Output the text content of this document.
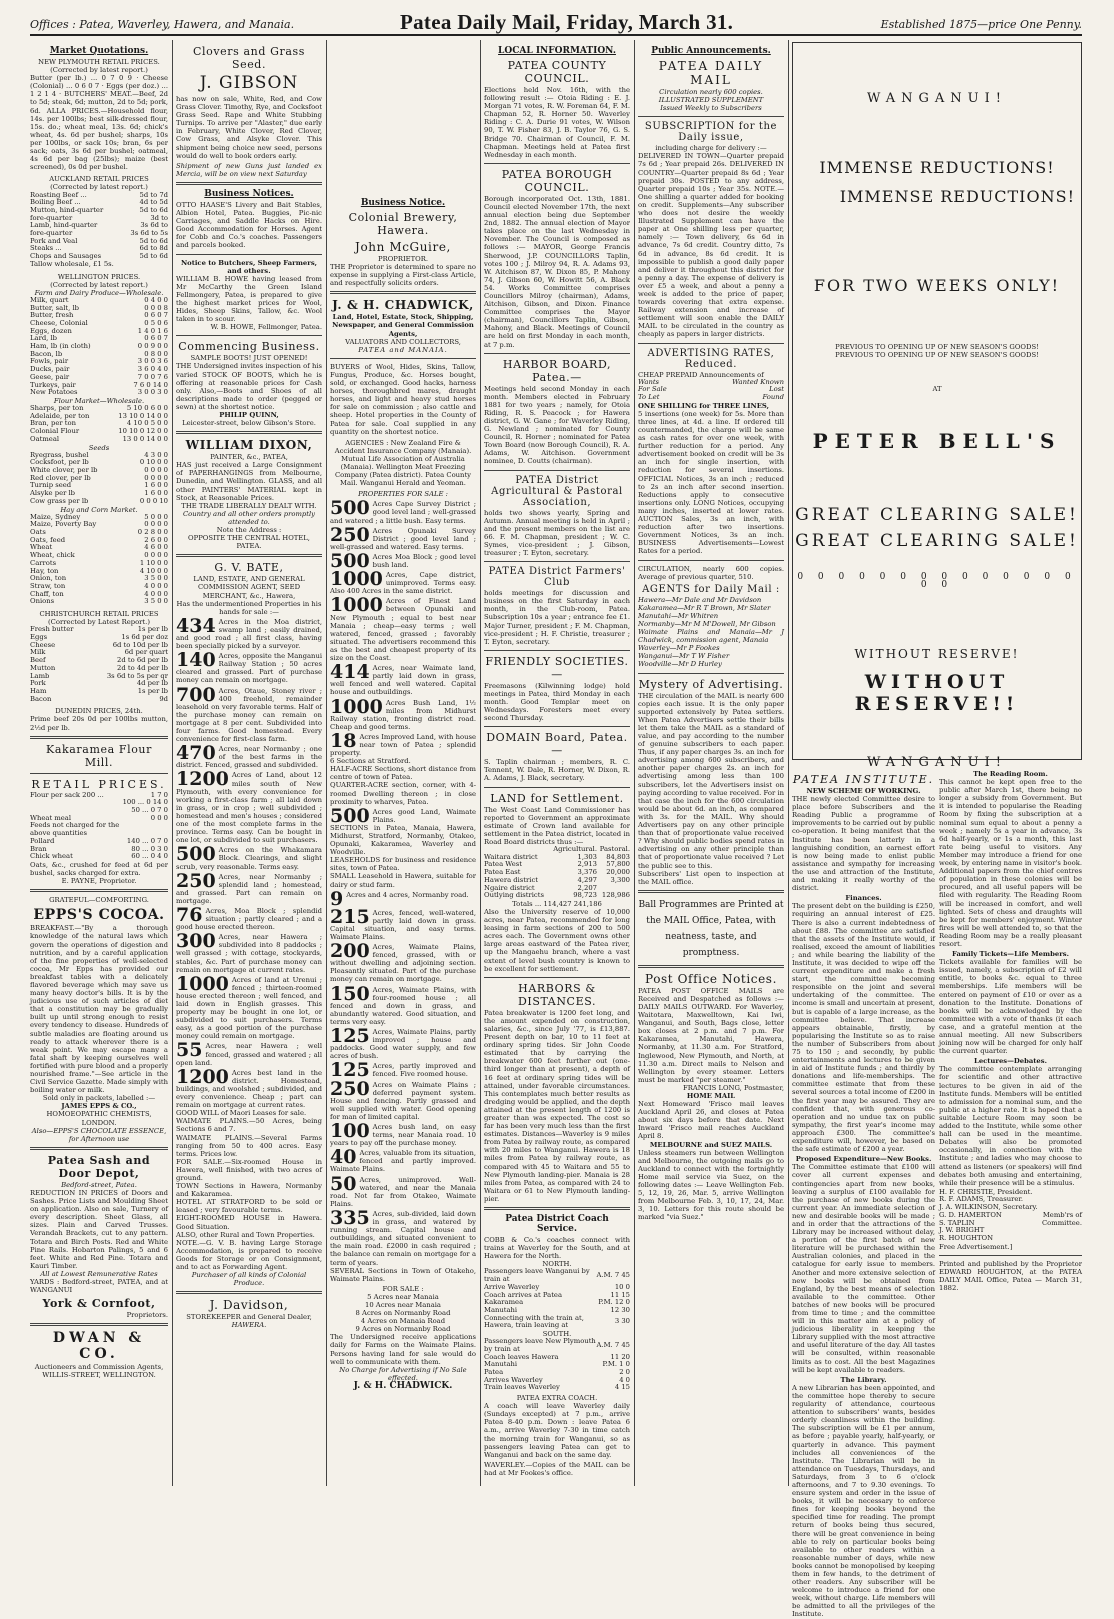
Offices : Patea, Waverley, Hawera, and Manaia.	Patea Daily Mail, Friday, March 31.	Established 1875—price One Penny.
Market Quotations.
NEW PLYMOUTH RETAIL PRICES.
(Corrected by latest report.)
Butter (per lb.) ... 0 7 0 9 · Cheese (Colonial) ... 0 6 0 7 · Eggs (per doz.) ... 1 2 1 4 · BUTCHERS' MEAT.—Beef, 2d to 5d; steak, 6d; mutton, 2d to 5d; pork, 6d. ALLA PRICES.—Household flour, 14s. per 100lbs; best silk-dressed flour, 15s. do.; wheat meal, 13s. 6d; chick's wheat, 4s. 6d per bushel; sharps, 10s per 100lbs, or sack 10s; bran, 6s per sack; oats, 3s 6d per bushel; oatmeal, 4s 6d per bag (25lbs); maize (best screened), 0s 0d per bushel.
AUCKLAND RETAIL PRICES
(Corrected by latest report.)
Roasting Beef ...	5d to 7d
Boiling Beef ...	4d to 5d
Mutton, hind-quarter	5d to 6d
fore-quarter	3d to
Lamb, hind-quarter	3s 6d to
fore-quarter	3s 6d to 5s
Pork and Veal	5d to 6d
Steaks ...	6d to 8d
Chops and Sausages	5d to 6d
Tallow wholesale, £1 5s.	
WELLINGTON PRICES.
(Corrected by latest report.)
Farm and Dairy Produce—Wholesale.
Milk, quart	0 4 0 0
Butter, salt, lb	0 0 0 8
Butter, fresh	0 6 0 7
Cheese, Colonial	0 5 0 6
Eggs, dozen	1 4 0 1 6
Lard, lb	0 6 0 7
Ham, lb (in cloth)	0 0 9 0 0
Bacon, lb	0 8 0 0
Fowls, pair	3 0 0 3 6
Ducks, pair	3 6 0 4 0
Geese, pair	7 0 0 7 6
Turkeys, pair	7 6 0 14 0
New Potatoes	3 0 0 3 0
Flour Market—Wholesale.
Sharps, per ton	5 10 0 6 0 0
Adelaide, per ton	13 10 0 14 0 0
Bran, per ton	4 10 0 5 0 0
Colonial Flour	10 10 0 12 0 0
Oatmeal	13 0 0 14 0 0
Seeds
Ryegrass, bushel	4 3 0 0
Cocksfoot, per lb	0 10 0 0
White clover, per lb	0 0 0 0
Red clover, per lb	0 0 0 0
Turnip seed	1 6 0 0
Alsyke per lb	1 6 0 0
Cow grass per lb	0 0 0 10
Hay and Corn Market.
Maize, Sydney	5 0 0 0
Maize, Poverty Bay	0 0 0 0
Oats	0 2 8 0 0
Oats, feed	2 6 0 0
Wheat	4 6 0 0
Wheat, chick	0 0 0 0
Carrots	1 10 0 0
Hay, ton	4 10 0 0
Onion, ton	3 5 0 0
Straw, ton	4 0 0 0
Chaff, ton	4 0 0 0
Onions	3 5 0 0
CHRISTCHURCH RETAIL PRICES
(Corrected by Latest Report.)
Fresh butter	1s per lb
Eggs	1s 6d per doz
Cheese	6d to 10d per lb
Milk	6d per quart
Beef	2d to 6d per lb
Mutton	2d to 4d per lb
Lamb	3s 6d to 5s per qr
Pork	4d per lb
Ham	1s per lb
Bacon	9d
DUNEDIN PRICES, 24th.
Prime beef 20s 0d per 100lbs mutton, 2½d per lb.
Kakaramea Flour Mill.
RETAIL PRICES.
Flour per sack 200 ...	1 7 0
	100 ... 0 14 0
	50 ... 0 7 0
Wheat meal	0 0 0
Feeds not charged for the above quantities	
Pollard	140 ... 0 7 0
Bran	80 ... 0 3 0
Chick wheat	60 ... 0 4 0
Oats, &c., crushed for feed at 6d per bushel, sacks charged for extra.
E. PAYNE, Proprietor.
GRATEFUL—COMFORTING.
EPPS'S COCOA.
BREAKFAST.—"By a thorough knowledge of the natural laws which govern the operations of digestion and nutrition, and by a careful application of the fine properties of well-selected cocoa, Mr Epps has provided our breakfast tables with a delicately flavored beverage which may save us many heavy doctor's bills. It is by the judicious use of such articles of diet that a constitution may be gradually built up until strong enough to resist every tendency to disease. Hundreds of subtle maladies are floating around us ready to attack wherever there is a weak point. We may escape many a fatal shaft by keeping ourselves well fortified with pure blood and a properly nourished frame."—See article in the Civil Service Gazette. Made simply with boiling water or milk.
Sold only in packets, labelled :—
JAMES EPPS & CO.,
HOMOEOPATHIC CHEMISTS, LONDON.
Also—EPPS'S CHOCOLATE ESSENCE, for Afternoon use
Patea Sash and Door Depot,
Bedford-street, Patea.
REDUCTION IN PRICES of Doors and Sashes. Price Lists and Moulding Sheet on application. Also on sale, Turnery of every description. Sheet Glass, all sizes. Plain and Carved Trusses. Verandah Brackets, cut to any pattern. Totara and Birch Posts. Red and White Pine Rails. Hobarton Palings, 5 and 6 feet. White and Red Pine. Totara and Kauri Timber.
All at Lowest Remunerative Rates
YARDS : Bedford-street, PATEA, and at WANGANUI
York & Cornfoot,
Proprietors.
DWAN & CO.
Auctioneers and Commission Agents,
WILLIS-STREET, WELLINGTON.
Clovers and Grass Seed.
J. GIBSON
has now on sale, White, Red, and Cow Grass Clover. Timothy, Rye, and Cocksfoot Grass Seed. Rape and White Stubbing Turnips. To arrive per "Alaster," due early in February, White Clover, Red Clover, Cow Grass, and Alsyke Clover. This shipment being choice new seed, persons would do well to book orders early.
Shipment of new Guns just landed ex Mercia, will be on view next Saturday
Business Notices.
OTTO HAASE'S Livery and Bait Stables, Albion Hotel, Patea. Buggies, Pic-nic Carriages, and Saddle Hacks on Hire. Good Accommodation for Horses. Agent for Cobb and Co.'s coaches. Passengers and parcels booked.
Notice to Butchers, Sheep Farmers, and others.
WILLIAM B. HOWE having leased from Mr McCarthy the Green Island Fellmongery, Patea, is prepared to give the highest market prices for Wool, Hides, Sheep Skins, Tallow, &c. Wool taken in to scour.
W. B. HOWE, Fellmonger, Patea.
Commencing Business.
SAMPLE BOOTS! JUST OPENED!
THE Undersigned invites inspection of his varied STOCK OF BOOTS, which he is offering at reasonable prices for Cash only. Also,—Boots and Shoes of all descriptions made to order (pegged or sewn) at the shortest notice.
PHILIP QUINN,
Leicester-street, below Gibson's Store.
WILLIAM DIXON,
PAINTER, &c., PATEA,
HAS just received a Large Consignment of PAPERHANGINGS from Melbourne, Dunedin, and Wellington. GLASS, and all other PAINTERS' MATERIAL kept in Stock, at Reasonable Prices.
THE TRADE LIBERALLY DEALT WITH.
Country and all other orders promptly attended to.
Note the Address :
OPPOSITE THE CENTRAL HOTEL, PATEA.
G. V. BATE,
LAND, ESTATE, AND GENERAL COMMISSION AGENT, SEED MERCHANT, &c., Hawera,
Has the undermentioned Properties in his hands for sale :—
434 Acres in the Moa district, swamp land ; easily drained, and good road ; all first class, having been specially picked by a surveyor.
140 Acres, opposite the Manganui Railway Station ; 50 acres cleared and grassed. Part of purchase money can remain on mortgage.
700 Acres, Otaue, Stoney river ; 400 freehold, remainder leasehold on very favorable terms. Half of the purchase money can remain on mortgage at 8 per cent. Subdivided into four farms. Good homestead. Every convenience for first-class farm.
470 Acres, near Normanby ; one of the best farms in the district. Fenced, grassed and subdivided.
1200 Acres of Land, about 12 miles south of New Plymouth, with every convenience for working a first-class farm ; all laid down in grass, or in crop ; well subdivided ; homestead and men's houses ; considered one of the most complete farms in the province. Terms easy. Can be bought in one lot, or subdivided to suit purchasers.
500 Acres on the Whakamara Block. Clearings, and slight scrub, very reasonable. Terms easy.
250 Acres, near Normanby ; splendid land ; homestead, and grassed. Part can remain on mortgage.
76 Acres, Moa Block ; splendid situation ; partly cleared ; and a good house erected thereon.
300 Acres, near Hawera ; subdivided into 8 paddocks ; well grassed ; with cottage, stockyards, stables, &c. Part of purchase money can remain on mortgage at current rates.
1000 Acres of land at Urenui ; fenced ; thirteen-roomed house erected thereon ; well fenced, and laid down in English grasses. This property may be bought in one lot, or subdivided to suit purchasers. Terms easy, as a good portion of the purchase money could remain on mortgage.
55 Acres, near Hawera ; well fenced, grassed and watered ; all open land.
1200 Acres best land in the district. Homestead, buildings, and woolshed ; subdivided, and every convenience. Cheap ; part can remain on mortgage at current rates.
GOOD WILL of Maori Leases for sale.
WAIMATE PLAINS.—50 Acres, being Sections 6 and 7.
WAIMATE PLAINS.—Several Farms ranging from 50 to 400 acres. Easy terms. Prices low.
FOR SALE.—Six-roomed House in Hawera, well finished, with two acres of ground.
TOWN Sections in Hawera, Normanby and Kakaramea.
HOTEL AT STRATFORD to be sold or leased ; very favourable terms.
EIGHT-ROOMED HOUSE in Hawera. Good Situation.
ALSO, other Rural and Town Properties.
NOTE.—G. V. B. having Large Storage Accommodation, is prepared to receive Goods for Storage or on Consignment, and to act as Forwarding Agent.
Purchaser of all kinds of Colonial Produce.
J. Davidson,
STOREKEEPER and General Dealer,
HAWERA.
Business Notice.
Colonial Brewery, Hawera.
John McGuire,
PROPRIETOR.
THE Proprietor is determined to spare no expense in supplying a First-class Article, and respectfully solicits orders.
J. & H. CHADWICK,
Land, Hotel, Estate, Stock, Shipping, Newspaper, and General Commission Agents,
VALUATORS AND COLLECTORS,
PATEA and MANAIA.
BUYERS of Wool, Hides, Skins, Tallow, Fungus, Produce, &c. Horses bought, sold, or exchanged. Good hacks, harness horses, thoroughbred mares, draught horses, and light and heavy stud horses for sale on commission ; also cattle and sheep. Hotel properties in the County of Patea for sale. Coal supplied in any quantity on the shortest notice.
AGENCIES : New Zealand Fire & Accident Insurance Company (Manaia). Mutual Life Association of Australia (Manaia). Wellington Meat Freezing Company (Patea district). Patea County Mail. Wanganui Herald and Yeoman.
PROPERTIES FOR SALE :
500 Acres Cape Survey District ; good level land ; well-grassed and watered ; a little bush. Easy terms.
250 Acres Opunaki Survey District ; good level land ; well-grassed and watered. Easy terms.
500 Acres Moa Block ; good level bush land.
1000 Acres, Cape district, unimproved. Terms easy. Also 400 Acres in the same district.
1000 Acres of Finest Land between Opunaki and New Plymouth ; equal to best near Manaia ; cheap—easy terms ; well watered, fenced, grassed ; favorably situated. The advertisers recommend this as the best and cheapest property of its size on the Coast.
414 Acres, near Waimate land, partly laid down in grass, well fenced and well watered. Capital house and outbuildings.
1000 Acres Bush Land, 1½ miles from Midhurst Railway station, fronting district road. Cheap and good terms.
18 Acres Improved Land, with house near town of Patea ; splendid property.
6 Sections at Stratford.
HALF-ACRE Sections, short distance from centre of town of Patea.
QUARTER-ACRE section, corner, with 4-roomed Dwelling thereon ; in close proximity to wharves, Patea.
500 Acres good Land, Waimate Plains.
SECTIONS in Patea, Manaia, Hawera, Midhurst, Stratford, Normanby, Otakeo, Opunaki, Kakaramea, Waverley and Woodville.
LEASEHOLDS for business and residence sites, town of Patea.
SMALL Leasehold in Hawera, suitable for dairy or stud farm.
9 Acres and 4 acres, Normanby road.
215 Acres, fenced, well-watered, partly laid down in grass. Capital situation, and easy terms. Waimate Plains.
200 Acres, Waimate Plains, fenced, grassed, with or without dwelling and adjoining section. Pleasantly situated. Part of the purchase money can remain on mortgage.
150 Acres, Waimate Plains, with four-roomed house ; all fenced and down in grass, and abundantly watered. Good situation, and terms very easy.
125 Acres, Waimate Plains, partly improved ; house and paddocks. Good water supply, and few acres of bush.
125 Acres, partly improved and fenced. Five roomed house.
250 Acres on Waimate Plains ; deferred payment system. House and fencing. Partly grassed and well supplied with water. Good opening for man of limited capital.
100 Acres bush land, on easy terms, near Manaia road. 10 years to pay off the purchase money.
40 Acres, valuable from its situation, fenced and partly improved. Waimate Plains.
50 Acres, unimproved. Well-watered, and near the Manaia road. Not far from Otakeo, Waimate Plains.
335 Acres, sub-divided, laid down in grass, and watered by running stream. Capital house and outbuildings, and situated convenient to the main road. £2000 in cash required ; the balance can remain on mortgage for a term of years.
SEVERAL Sections in Town of Otakeho, Waimate Plains.
FOR SALE :
5 Acres near Manaia
10 Acres near Manaia
8 Acres on Normanby Road
4 Acres on Manaia Road
9 Acres on Normanby Road
The Undersigned receive applications daily for Farms on the Waimate Plains. Persons having land for sale would do well to communicate with them.
No Charge for Advertising if No Sale effected.
J. & H. CHADWICK.
LOCAL INFORMATION.
PATEA COUNTY COUNCIL.
Elections held Nov. 16th, with the following result :— Otoia Riding : E. J. Morgan 71 votes, R. W. Foreman 64, F. M. Chapman 52, R. Horner 50. Waverley Riding : C. A. Durie 91 votes, W. Wilson 90, T. W. Fisher 83, J. B. Taylor 76, G. S. Bridge 70. Chairman of Council, F. M. Chapman. Meetings held at Patea first Wednesday in each month.
PATEA BOROUGH COUNCIL.
Borough incorporated Oct. 13th, 1881. Council elected November 17th, the next annual election being due September 2nd, 1882. The annual election of Mayor takes place on the last Wednesday in November. The Council is composed as follows :— MAYOR, George Francis Sherwood, J.P. COUNCILLORS Taplin, votes 100 ; J. Milroy 94, R. A. Adams 93, W. Aitchison 87, W. Dixon 85, P. Mahony 74, J. Gibson 60, W. Howitt 56, A. Black 54. Works Committee comprises Councillors Milroy (chairman), Adams, Aitchison, Gibson, and Dixon. Finance Committee comprises the Mayor (chairman), Councillors Taplin, Gibson, Mahony, and Black. Meetings of Council are held on first Monday in each month, at 7 p.m.
HARBOR BOARD, Patea.—
Meetings held second Monday in each month. Members elected in February 1881 for two years ; namely, for Otoia Riding, R. S. Peacock ; for Hawera district, G. W. Gane ; for Waverley Riding, G. Newland ; nominated for County Council, R. Horner ; nominated for Patea Town Board (now Borough Council), R. A. Adams, W. Aitchison. Government nominee, D. Coutts (chairman).
PATEA District Agricultural & Pastoral Association,
holds two shows yearly, Spring and Autumn. Annual meeting is held in April ; and the present members on the list are 66. F. M. Chapman, president ; W. C. Symes, vice-president ; J. Gibson, treasurer ; T. Eyton, secretary.
PATEA District Farmers' Club
holds meetings for discussion and business on the first Saturday in each month, in the Club-room, Patea. Subscription 10s a year ; entrance fee £1. Major Turner, president ; F. M. Chapman, vice-president ; H. F. Christie, treasurer ; T. Eyton, secretary.
FRIENDLY SOCIETIES.—
Freemasons (Kilwinning lodge) hold meetings in Patea, third Monday in each month. Good Templar meet on Wednesdays. Foresters meet every second Thursday.
DOMAIN Board, Patea.—
S. Taplin chairman ; members, R. C. Tennent, W. Dale, R. Horner, W. Dixon, R. A. Adams, J. Black, secretary.
LAND for Settlement.
The West Coast Land Commissioner has reported to Government an approximate estimate of Crown land available for settlement in the Patea district, located in Road Board districts thus :—
	Agricultural.	Pastoral.
Waitara district	1,303	84,803
Patea West	2,913	57,800
Patea East	3,376	20,000
Hawera district	4,297	3,300
Ngaire district	2,207	
Outlying districts	98,723	128,986
Totals ... 114,427 241,186
Also the University reserve of 10,000 acres, near Patea, recommended for long leasing in farm sections of 200 to 500 acres each. The Government owns other large areas eastward of the Patea river, up the Mangaehu branch, where a vast extent of level bush country is known to be excellent for settlement.
HARBORS & DISTANCES.
Patea breakwater is 1200 feet long, and the amount expended on construction, salaries, &c., since July '77, is £13,887. Present depth on bar, 10 to 11 feet at ordinary spring tides. Sir John Coode estimated that by carrying the breakwater 600 feet further out (one-third longer than at present), a depth of 16 feet at ordinary spring tides will be attained, under favorable circumstances. This contemplates much better results as dredging would be applied, and the depth attained at the present length of 1200 is greater than was expected. The cost so far has been very much less than the first estimates. Distances—Waverley is 9 miles from Patea by railway route, as compared with 20 miles to Wanganui. Hawera is 18 miles from Patea by railway route, as compared with 45 to Waitara and 55 to New Plymouth landing-pier. Manaia is 28 miles from Patea, as compared with 24 to Waitara or 61 to New Plymouth landing-pier.
Patea District Coach Service.
COBB & Co.'s coaches connect with trains at Waverley for the South, and at Hawera for the North.
NORTH.
Passengers leave Wanganui by train at	A.M. 7 45
Arrive Waverley	10 0
Coach arrives at Patea	11 15
Kakaramea	P.M. 12 0
Manutahi	12 30
Connecting with the train at, Hawera, train leaving at	3 30
SOUTH.
Passengers leave New Plymouth by train at	A.M. 7 45
Coach leaves Hawera	11 20
Manutahi	P.M. 1 0
Patea	2 0
Arrives Waverley	4 0
Train leaves Waverley	4 15
PATEA EXTRA COACH.
A coach will leave Waverley daily (Sundays excepted) at 7 p.m., arrive Patea 8-40 p.m. Down : leave Patea 6 a.m., arrive Waverley 7-30 in time catch the morning train for Wanganui, so as passengers leaving Patea can get to Wanganui and back on the same day.
WAVERLEY.—Copies of the MAIL can be had at Mr Fookes's office.
Public Announcements.
PATEA DAILY MAIL
Circulation nearly 600 copies.
ILLUSTRATED SUPPLEMENT
Issued Weekly to Subscribers
SUBSCRIPTION for the Daily issue,
including charge for delivery :—
DELIVERED IN TOWN—Quarter prepaid 7s 6d ; Year prepaid 26s. DELIVERED IN COUNTRY—Quarter prepaid 8s 6d ; Year prepaid 30s. POSTED to any address, Quarter prepaid 10s ; Year 35s. NOTE.—One shilling a quarter added for booking on credit. Supplements—Any subscriber who does not desire the weekly Illustrated Supplement can have the paper at One shilling less per quarter, namely :— Town delivery, 6s 6d in advance, 7s 6d credit. Country ditto, 7s 6d in advance, 8s 6d credit. It is impossible to publish a good daily paper and deliver it throughout this district for a penny a day. The expense of delivery is over £5 a week, and about a penny a week is added to the price of paper, towards covering that extra expense. Railway extension and increase of settlement will soon enable the DAILY MAIL to be circulated in the country as cheaply as papers in larger districts.
ADVERTISING RATES, Reduced.
CHEAP PREPAID Announcements of
Wants	Wanted Known
For Sale	Lost
To Let	Found
ONE SHILLING for THREE LINES,
5 insertions (one week) for 5s. More than three lines, at 4d. a line. If ordered till countermanded, the charge will be same as cash rates for over one week, with further reduction for a period. Any advertisement booked on credit will be 3s an inch for single insertion, with reduction for several insertions. OFFICIAL Notices, 3s an inch ; reduced to 2s an inch after second insertion. Reductions apply to consecutive insertions only. LONG Notices, occupying many inches, inserted at lower rates. AUCTION Sales, 3s an inch, with reduction after two insertions. Government Notices, 3s an inch. BUSINESS Advertisements—Lowest Rates for a period.
CIRCULATION, nearly 600 copies. Average of previous quarter, 510.
AGENTS for Daily Mail :
Hawera—Mr Dale and Mr Davidson
Kakaramea—Mr R T Brown, Mr Slater
Manutahi—Mr Whitren
Normanby—Mr M M'Dowell, Mr Gibson
Waimate Plains and Manaia—Mr J Chadwick, commission agent, Manaia
Waverley—Mr P Fookes
Wanganui—Mr T W Fisher
Woodville—Mr D Hurley
Mystery of Advertising.
THE circulation of the MAIL is nearly 600 copies each issue. It is the only paper supported extensively by Patea settlers. When Patea Advertisers settle their bills let them take the MAIL as a standard of value, and pay according to the number of genuine subscribers to each paper. Thus, if any paper charges 3s. an inch for advertising among 600 subscribers, and another paper charges 2s. an inch for advertising among less than 100 subscribers, let the Advertisers insist on paying according to value received. For in that case the inch for the 600 circulation would be about 6d. an inch, as compared with 3s. for the MAIL. Why should Advertisers pay on any other principle than that of proportionate value received ? Why should public bodies spend rates in advertising on any other principle than that of proportionate value received ? Let the public see to this.
Subscribers' List open to inspection at the MAIL office.
Ball Programmes are Printed at the MAIL Office, Patea, with neatness, taste, and promptness.
Post Office Notices.
PATEA POST OFFICE MAILS are Received and Despatched as follows :— DAILY MAILS OUTWARD. For Waverley, Waitotara, Maxwelltown, Kai Iwi, Wanganui, and South, Bags close, letter box closes at 2 p.m. and 7 p.m. For Kakaramea, Manutahi, Hawera, Normanby, at 11.30 a.m. For Stratford, Inglewood, New Plymouth, and North, at 11.30 a.m. Direct mails to Nelson and Wellington by every steamer. Letters must be marked "per steamer."
FRANCIS LONG, Postmaster,
HOME MAIL
Next Homeward 'Frisco mail leaves Auckland April 26, and closes at Patea about six days before that date. Next Inward 'Frisco mail reaches Auckland April 8.
MELBOURNE and SUEZ MAILS.
Unless steamers run between Wellington and Melbourne, the outgoing mails go to Auckland to connect with the fortnightly Home mail service via Suez, on the following dates :— Leave Wellington Feb. 5, 12, 19, 26, Mar. 5, arrive Wellington from Melbourne Feb. 3, 10, 17, 24, Mar. 3, 10. Letters for this route should be marked "via Suez."
WANGANUI!
IMMENSE REDUCTIONS!
IMMENSE REDUCTIONS!
FOR TWO WEEKS ONLY!
PREVIOUS TO OPENING UP OF NEW SEASON'S GOODS!
PREVIOUS TO OPENING UP OF NEW SEASON'S GOODS!
AT
PETER BELL'S
GREAT CLEARING SALE!
GREAT CLEARING SALE!
0 0 0 0 0 0 0 0 0 0 0 0 0 0 0 0
WITHOUT RESERVE!
WITHOUT RESERVE!!
WANGANUI!
PATEA INSTITUTE.
NEW SCHEME OF WORKING.
THE newly elected Committee desire to place before Subscribers and the Reading Public a programme of improvements to be carried out by public co-operation. It being manifest that the Institute has been latterly in a languishing condition, an earnest effort is now being made to enlist public assistance and sympathy for increasing the use and attraction of the Institute, and making it really worthy of the district.
Finances.
The present debt on the building is £250, requiring an annual interest of £25. There is also a current indebtedness of about £88. The committee are satisfied that the assets of the Institute would, if realised, exceed the amount of liabilities ; and while bearing the liability of the Institute, it was decided to wipe off the current expenditure and make a fresh start, the committee becoming responsible on the joint and several undertaking of the committee. The income is small and uncertain at present, but is capable of a large increase, as the committee believe. That increase appears obtainable, firstly, by popularising the Institute so as to raise the number of Subscribers from about 75 to 150 ; and secondly, by public entertainments and lectures to be given in aid of Institute funds ; and thirdly by donations and life-memberships. The committee estimate that from these several sources a total income of £200 in the first year may be assured. They are confident that, with generous co-operation and no undue tax on public sympathy, the first year's income may approach £300. The committee's expenditure will, however, be based on the safe estimate of £200 a year.
Proposed Expenditure—New Books.
The Committee estimate that £100 will cover all current expenses and contingencies apart from new books, leaving a surplus of £100 available for the purchase of new books during the current year. An immediate selection of new and desirable books will be made ; and in order that the attractions of the Library may be increased without delay, a portion of the first batch of new literature will be purchased within the Australian colonies, and placed in the catalogue for early issue to members. Another and more extensive selection of new books will be obtained from England, by the best means of selection available to the committee. Other batches of new books will be procured from time to time ; and the committee will in this matter aim at a policy of judicious liberality in keeping the Library supplied with the most attractive and useful literature of the day. All tastes will be consulted, within reasonable limits as to cost. All the best Magazines will be kept available to readers.
The Library.
A new Librarian has been appointed, and the committee hope thereby to secure regularity of attendance, courteous attention to subscribers' wants, besides orderly cleanliness within the building. The subscription will be £1 per annum, as before ; payable yearly, half-yearly, or quarterly in advance. This payment includes all conveniences of the Institute. The Librarian will be in attendance on Tuesdays, Thursdays, and Saturdays, from 3 to 6 o'clock afternoons, and 7 to 9.30 evenings. To ensure system and order in the issue of books, it will be necessary to enforce fines for keeping books beyond the specified time for reading. The prompt return of books being thus secured, there will be great convenience in being able to rely on particular books being available to other readers within a reasonable number of days, while new books cannot be monopolised by keeping them in few hands, to the detriment of other readers. Any subscriber will be welcome to introduce a friend for one week, without charge. Life members will be admitted to all the privileges of the Institute.
The Reading Room.
This cannot be kept open free to the public after March 1st, there being no longer a subsidy from Government. But it is intended to popularise the Reading Room by fixing the subscription at a nominal sum equal to about a penny a week ; namely 5s a year in advance, 3s 6d half-yearly, or 1s a month, this last rate being useful to visitors. Any Member may introduce a friend for one week, by entering name in visitor's book. Additional papers from the chief centres of population in these colonies will be procured, and all useful papers will be filed with regularity. The Reading Room will be increased in comfort, and well lighted. Sets of chess and draughts will be kept for members' enjoyment. Winter fires will be well attended to, so that the Reading Room may be a really pleasant resort.
Family Tickets—Life Members.
Tickets available for families will be issued, namely, a subscription of £2 will entitle, to books &c. equal to three memberships. Life members will be entered on payment of £10 or over as a donation to the Institute. Donations of books will be acknowledged by the committee with a vote of thanks (it each case, and a grateful mention at the annual meeting. All new Subscribers joining now will be charged for only half the current quarter.
Lectures—Debates.
The committee contemplate arranging for scientific and other attractive lectures to be given in aid of the Institute funds. Members will be entitled to admission for a nominal sum, and the public at a higher rate. It is hoped that a suitable Lecture Room may soon be added to the Institute, while some other hall can be used in the meantime. Debates will also be promoted occasionally, in connection with the Institute ; and ladies who may choose to attend as listeners (or speakers) will find debates both amusing and entertaining, while their presence will be a stimulus.
H. F. CHRISTIE, President.	
R. F. ADAMS, Treasurer.	
J. A. WILKINSON, Secretary.	
G. D. HAMERTON	Memb'rs of
S. TAPLIN	Committee.
J. W. BRIGHT	
R. HOUGHTON	
Free Advertisement.]
Printed and published by the Proprietor EDWARD HOUGHTON, at the PATEA DAILY MAIL Office, Patea — March 31, 1882.
